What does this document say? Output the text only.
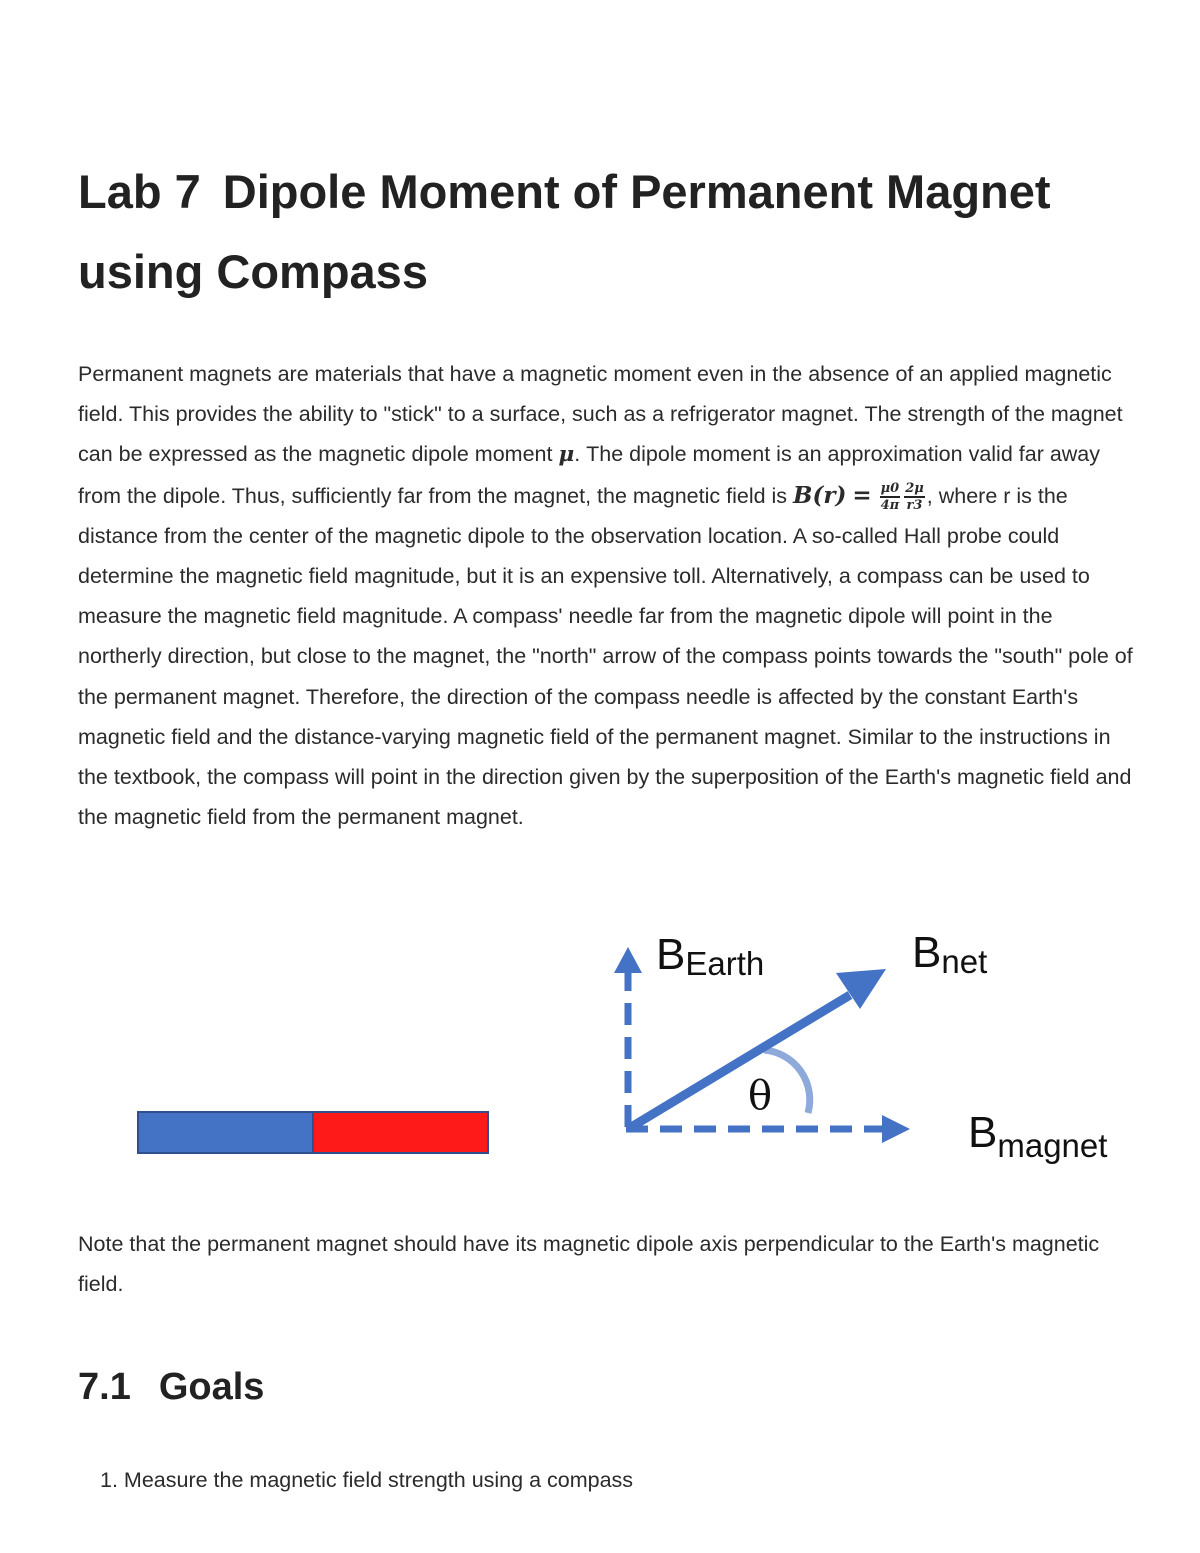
Lab 7 Dipole Moment of Permanent Magnet
using Compass

Permanent magnets are materials that have a magnetic moment even in the absence of an applied magnetic field. This provides the ability to "stick" to a surface, such as a refrigerator magnet. The strength of the magnet can be expressed as the magnetic dipole moment μ. The dipole moment is an approximation valid far away from the dipole. Thus, sufficiently far from the magnet, the magnetic field is $B(r) = \frac{\mu 0}{4\pi} \frac{2\mu}{r3}$ , where r is the distance from the center of the magnetic dipole to the observation location. A so-called Hall probe could determine the magnetic field magnitude, but it is an expensive toll. Alternatively, a compass can be used to measure the magnetic field magnitude. A compass' needle far from the magnetic dipole will point in the northerly direction, but close to the magnet, the "north" arrow of the compass points towards the "south" pole of the permanent magnet. Therefore, the direction of the compass needle is affected by the constant Earth's magnetic field and the distance-varying magnetic field of the permanent magnet. Similar to the instructions in the textbook, the compass will point in the direction given by the superposition of the Earth's magnetic field and the magnetic field from the permanent magnet.

BEarth	Bnet
$B_{magnet}$
θ

Note that the permanent magnet should have its magnetic dipole axis perpendicular to the Earth's magnetic field.

7.1 Goals
1. Measure the magnetic field strength using a compass
